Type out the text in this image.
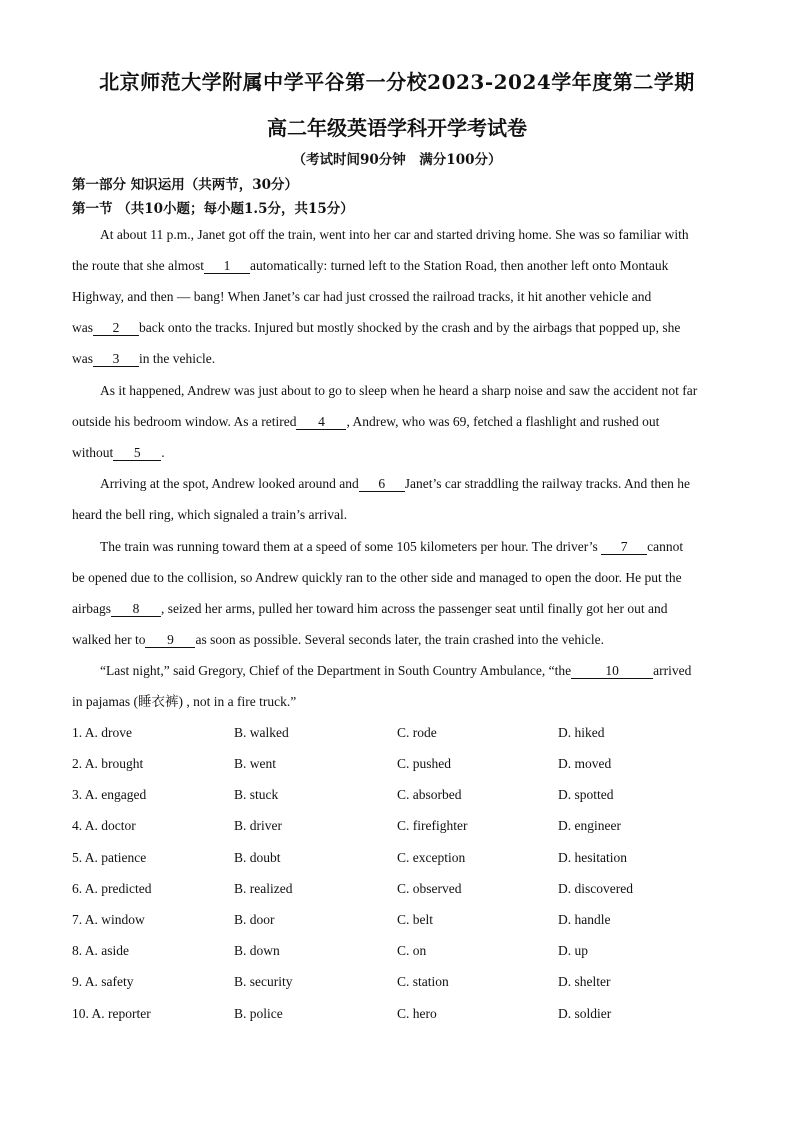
北京师范大学附属中学平谷第一分校2023-2024学年度第二学期
高二年级英语学科开学考试卷
（考试时间90分钟　满分100分）
第一部分 知识运用（共两节，30分）
第一节 （共10小题；每小题1.5分，共15分）
At about 11 p.m., Janet got off the train, went into her car and started driving home. She was so familiar with
the route that she almost 1 automatically: turned left to the Station Road, then another left onto Montauk
Highway, and then — bang! When Janet’s car had just crossed the railroad tracks, it hit another vehicle and
was 2 back onto the tracks. Injured but mostly shocked by the crash and by the airbags that popped up, she
was 3 in the vehicle.
As it happened, Andrew was just about to go to sleep when he heard a sharp noise and saw the accident not far
outside his bedroom window. As a retired 4 , Andrew, who was 69, fetched a flashlight and rushed out
without 5 .
Arriving at the spot, Andrew looked around and 6 Janet’s car straddling the railway tracks. And then he
heard the bell ring, which signaled a train’s arrival.
The train was running toward them at a speed of some 105 kilometers per hour. The driver’s 7 cannot
be opened due to the collision, so Andrew quickly ran to the other side and managed to open the door. He put the
airbags 8 , seized her arms, pulled her toward him across the passenger seat until finally got her out and
walked her to 9 as soon as possible. Several seconds later, the train crashed into the vehicle.
“Last night,” said Gregory, Chief of the Department in South Country Ambulance, “the	10	arrived
in pajamas (睡衣裤) , not in a fire truck.”
1. A. drove	B. walked	C. rode	D. hiked
2. A. brought	B. went	C. pushed	D. moved
3. A. engaged	B. stuck	C. absorbed	D. spotted
4. A. doctor	B. driver	C. firefighter	D. engineer
5. A. patience	B. doubt	C. exception	D. hesitation
6. A. predicted	B. realized	C. observed	D. discovered
7. A. window	B. door	C. belt	D. handle
8. A. aside	B. down	C. on	D. up
9. A. safety	B. security	C. station	D. shelter
10. A. reporter	B. police	C. hero	D. soldier
